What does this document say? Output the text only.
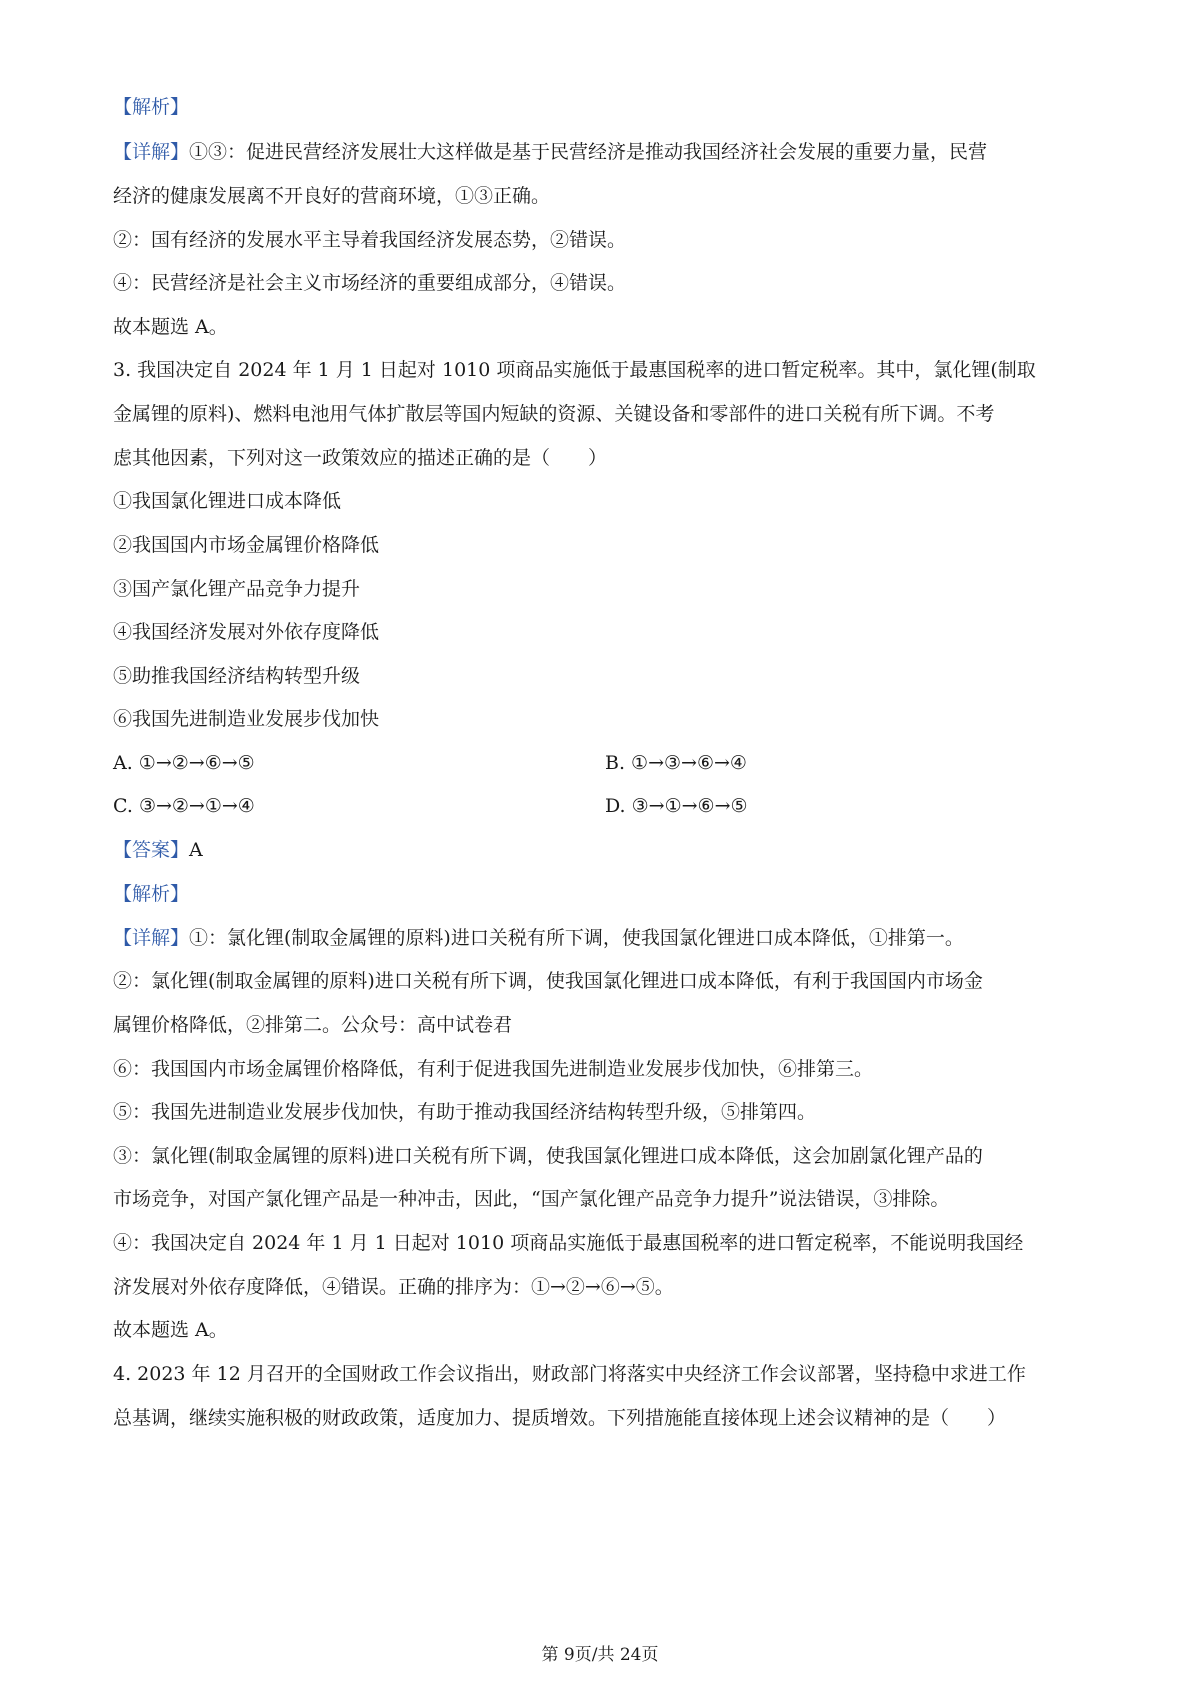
【解析】
【详解】①③：促进民营经济发展壮大这样做是基于民营经济是推动我国经济社会发展的重要力量，民营
经济的健康发展离不开良好的营商环境，①③正确。
②：国有经济的发展水平主导着我国经济发展态势，②错误。
④：民营经济是社会主义市场经济的重要组成部分，④错误。
故本题选 A。
3. 我国决定自 2024 年 1 月 1 日起对 1010 项商品实施低于最惠国税率的进口暂定税率。其中，氯化锂(制取
金属锂的原料)、燃料电池用气体扩散层等国内短缺的资源、关键设备和零部件的进口关税有所下调。不考
虑其他因素，下列对这一政策效应的描述正确的是（　　）
①我国氯化锂进口成本降低
②我国国内市场金属锂价格降低
③国产氯化锂产品竞争力提升
④我国经济发展对外依存度降低
⑤助推我国经济结构转型升级
⑥我国先进制造业发展步伐加快
A. ①→②→⑥→⑤	B. ①→③→⑥→④
C. ③→②→①→④	D. ③→①→⑥→⑤
【答案】A
【解析】
【详解】①：氯化锂(制取金属锂的原料)进口关税有所下调，使我国氯化锂进口成本降低，①排第一。
②：氯化锂(制取金属锂的原料)进口关税有所下调，使我国氯化锂进口成本降低，有利于我国国内市场金
属锂价格降低，②排第二。公众号：高中试卷君
⑥：我国国内市场金属锂价格降低，有利于促进我国先进制造业发展步伐加快，⑥排第三。
⑤：我国先进制造业发展步伐加快，有助于推动我国经济结构转型升级，⑤排第四。
③：氯化锂(制取金属锂的原料)进口关税有所下调，使我国氯化锂进口成本降低，这会加剧氯化锂产品的
市场竞争，对国产氯化锂产品是一种冲击，因此，“国产氯化锂产品竞争力提升”说法错误，③排除。
④：我国决定自 2024 年 1 月 1 日起对 1010 项商品实施低于最惠国税率的进口暂定税率，不能说明我国经
济发展对外依存度降低，④错误。正确的排序为：①→②→⑥→⑤。
故本题选 A。
4. 2023 年 12 月召开的全国财政工作会议指出，财政部门将落实中央经济工作会议部署，坚持稳中求进工作
总基调，继续实施积极的财政政策，适度加力、提质增效。下列措施能直接体现上述会议精神的是（　　）
第 9页/共 24页
